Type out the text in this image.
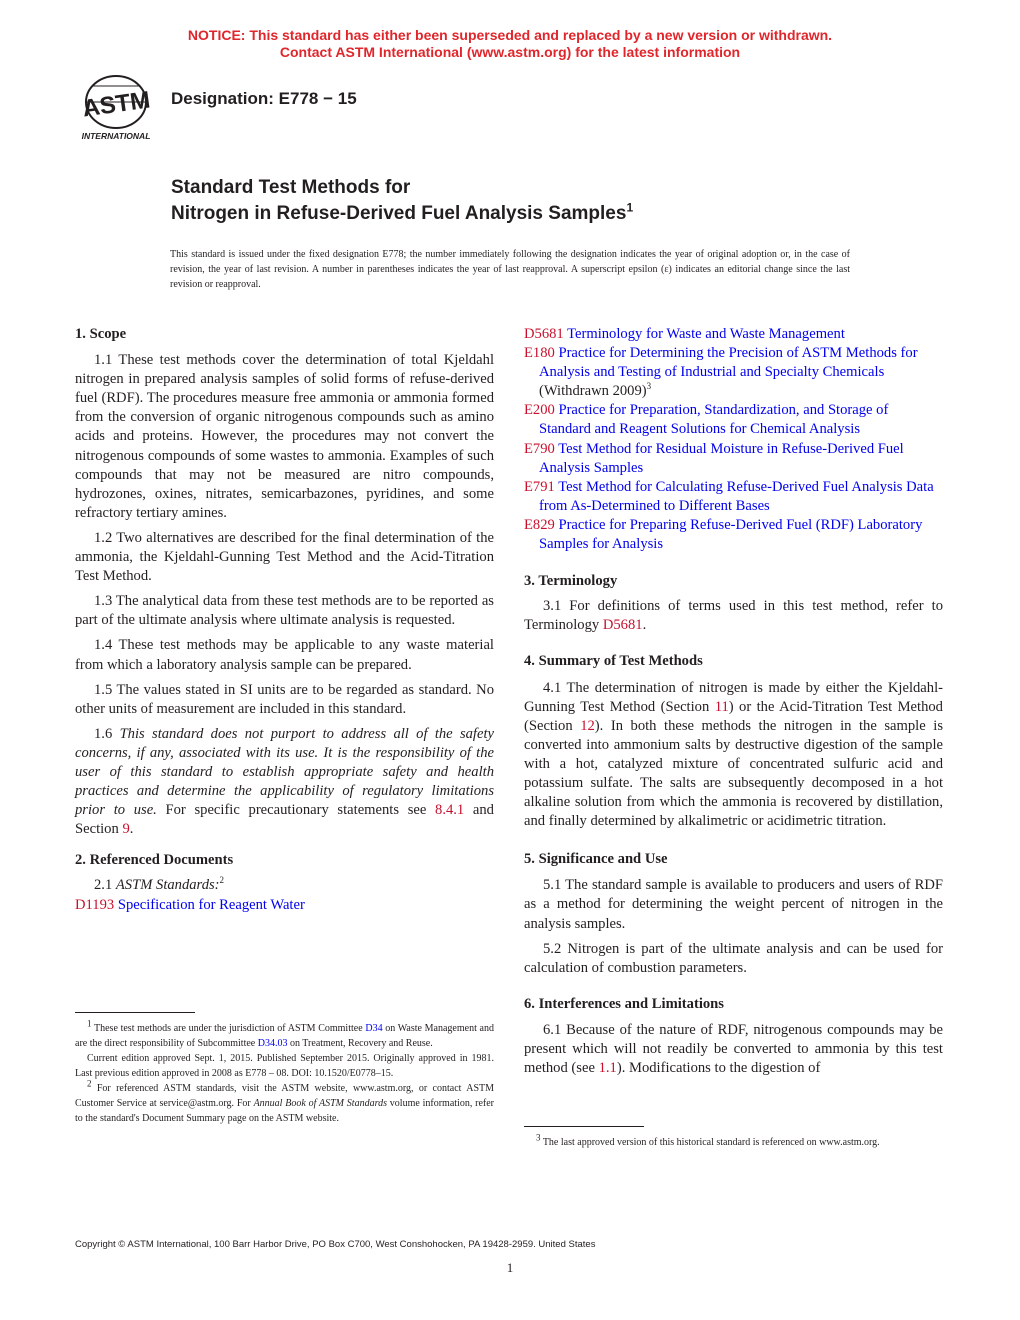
NOTICE: This standard has either been superseded and replaced by a new version or withdrawn.
Contact ASTM International (www.astm.org) for the latest information
ASTM
INTERNATIONAL
Designation: E778 − 15
Standard Test Methods for
Nitrogen in Refuse-Derived Fuel Analysis Samples$^1$
This standard is issued under the fixed designation E778; the number immediately following the designation indicates the year of original adoption or, in the case of revision, the year of last revision. A number in parentheses indicates the year of last reapproval. A superscript epsilon (ε) indicates an editorial change since the last revision or reapproval.
1. Scope

1.1 These test methods cover the determination of total Kjeldahl nitrogen in prepared analysis samples of solid forms of refuse-derived fuel (RDF). The procedures measure free ammonia or ammonia formed from the conversion of organic nitrogenous compounds such as amino acids and proteins. However, the procedures may not convert the nitrogenous compounds of some wastes to ammonia. Examples of such compounds that may not be measured are nitro compounds, hydrozones, oxines, nitrates, semicarbazones, pyridines, and some refractory tertiary amines.

1.2 Two alternatives are described for the final determination of the ammonia, the Kjeldahl-Gunning Test Method and the Acid-Titration Test Method.

1.3 The analytical data from these test methods are to be reported as part of the ultimate analysis where ultimate analysis is requested.

1.4 These test methods may be applicable to any waste material from which a laboratory analysis sample can be prepared.

1.5 The values stated in SI units are to be regarded as standard. No other units of measurement are included in this standard.

1.6 This standard does not purport to address all of the safety concerns, if any, associated with its use. It is the responsibility of the user of this standard to establish appropriate safety and health practices and determine the applicability of regulatory limitations prior to use. For specific precautionary statements see 8.4.1 and Section 9.

2. Referenced Documents

2.1 ASTM Standards:$^2$

D1193 Specification for Reagent Water

$^1$ These test methods are under the jurisdiction of ASTM Committee D34 on Waste Management and are the direct responsibility of Subcommittee D34.03 on Treatment, Recovery and Reuse.

Current edition approved Sept. 1, 2015. Published September 2015. Originally approved in 1981. Last previous edition approved in 2008 as E778 – 08. DOI: 10.1520/E0778–15.

$^2$ For referenced ASTM standards, visit the ASTM website, www.astm.org, or contact ASTM Customer Service at service@astm.org. For Annual Book of ASTM Standards volume information, refer to the standard's Document Summary page on the ASTM website.

D5681 Terminology for Waste and Waste Management

E180 Practice for Determining the Precision of ASTM Methods for Analysis and Testing of Industrial and Specialty Chemicals (Withdrawn 2009)$^3$

E200 Practice for Preparation, Standardization, and Storage of Standard and Reagent Solutions for Chemical Analysis

E790 Test Method for Residual Moisture in Refuse-Derived Fuel Analysis Samples

E791 Test Method for Calculating Refuse-Derived Fuel Analysis Data from As-Determined to Different Bases

E829 Practice for Preparing Refuse-Derived Fuel (RDF) Laboratory Samples for Analysis

3. Terminology

3.1 For definitions of terms used in this test method, refer to Terminology D5681.

4. Summary of Test Methods

4.1 The determination of nitrogen is made by either the Kjeldahl-Gunning Test Method (Section 11) or the Acid-Titration Test Method (Section 12). In both these methods the nitrogen in the sample is converted into ammonium salts by destructive digestion of the sample with a hot, catalyzed mixture of concentrated sulfuric acid and potassium sulfate. The salts are subsequently decomposed in a hot alkaline solution from which the ammonia is recovered by distillation, and finally determined by alkalimetric or acidimetric titration.

5. Significance and Use

5.1 The standard sample is available to producers and users of RDF as a method for determining the weight percent of nitrogen in the analysis samples.

5.2 Nitrogen is part of the ultimate analysis and can be used for calculation of combustion parameters.

6. Interferences and Limitations

6.1 Because of the nature of RDF, nitrogenous compounds may be present which will not readily be converted to ammonia by this test method (see 1.1). Modifications to the digestion of

$^3$ The last approved version of this historical standard is referenced on www.astm.org.

Copyright © ASTM International, 100 Barr Harbor Drive, PO Box C700, West Conshohocken, PA 19428-2959. United States
1
